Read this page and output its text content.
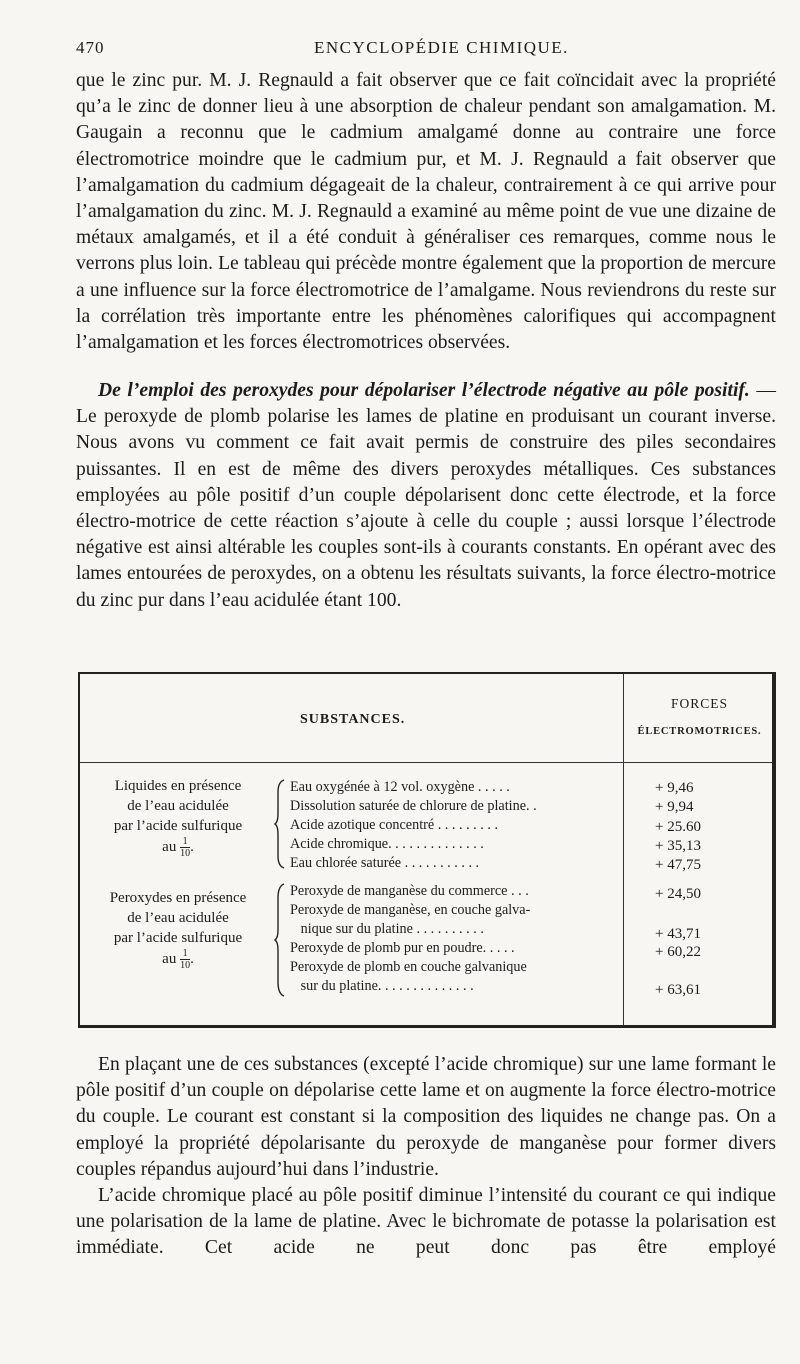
470	ENCYCLOPÉDIE CHIMIQUE.

que le zinc pur. M. J. Regnauld a fait observer que ce fait coïncidait avec la propriété qu’a le zinc de donner lieu à une absorption de chaleur pendant son amalgamation. M. Gaugain a reconnu que le cadmium amalgamé donne au contraire une force électromotrice moindre que le cadmium pur, et M. J. Regnauld a fait observer que l’amalgamation du cadmium dégageait de la chaleur, contrairement à ce qui arrive pour l’amalgamation du zinc. M. J. Regnauld a examiné au même point de vue une dizaine de métaux amalgamés, et il a été conduit à généraliser ces remarques, comme nous le verrons plus loin. Le tableau qui précède montre également que la proportion de mercure a une influence sur la force électromotrice de l’amalgame. Nous reviendrons du reste sur la corrélation très importante entre les phénomènes calorifiques qui accompagnent l’amalgamation et les forces électromotrices observées.

De l’emploi des peroxydes pour dépolariser l’électrode négative au pôle positif. — Le peroxyde de plomb polarise les lames de platine en produisant un courant inverse. Nous avons vu comment ce fait avait permis de construire des piles secondaires puissantes. Il en est de même des divers peroxydes métalliques. Ces substances employées au pôle positif d’un couple dépolarisent donc cette électrode, et la force électro-motrice de cette réaction s’ajoute à celle du couple ; aussi lorsque l’électrode négative est ainsi altérable les couples sont-ils à courants constants. En opérant avec des lames entourées de peroxydes, on a obtenu les résultats suivants, la force électro-motrice du zinc pur dans l’eau acidulée étant 100.

SUBSTANCES.
FORCES
ÉLECTROMOTRICES.
Liquides en présence
de l’eau acidulée
par l’acide sulfurique
au $\frac{1}{10}$ .
Eau oxygénée à 12 vol. oxygène . . . . .
Dissolution saturée de chlorure de platine. .
Acide azotique concentré . . . . . . . . .
Acide chromique. . . . . . . . . . . . . .
Eau chlorée saturée . . . . . . . . . . .
+ 9,46
+ 9,94
+ 25.60
+ 35,13
+ 47,75
Peroxydes en présence
de l’eau acidulée
par l’acide sulfurique
au $\frac{1}{10}$ .
Peroxyde de manganèse du commerce . . .
Peroxyde de manganèse, en couche galva-
nique sur du platine . . . . . . . . . .
Peroxyde de plomb pur en poudre. . . . .
Peroxyde de plomb en couche galvanique
sur du platine. . . . . . . . . . . . . .
+ 24,50
+ 43,71
+ 60,22
+ 63,61

En plaçant une de ces substances (excepté l’acide chromique) sur une lame formant le pôle positif d’un couple on dépolarise cette lame et on augmente la force électro-motrice du couple. Le courant est constant si la composition des liquides ne change pas. On a employé la propriété dépolarisante du peroxyde de manganèse pour former divers couples répandus aujourd’hui dans l’industrie.

L’acide chromique placé au pôle positif diminue l’intensité du courant ce qui indique une polarisation de la lame de platine. Avec le bichromate de potasse la polarisation est immédiate. Cet acide ne peut donc pas être employé
